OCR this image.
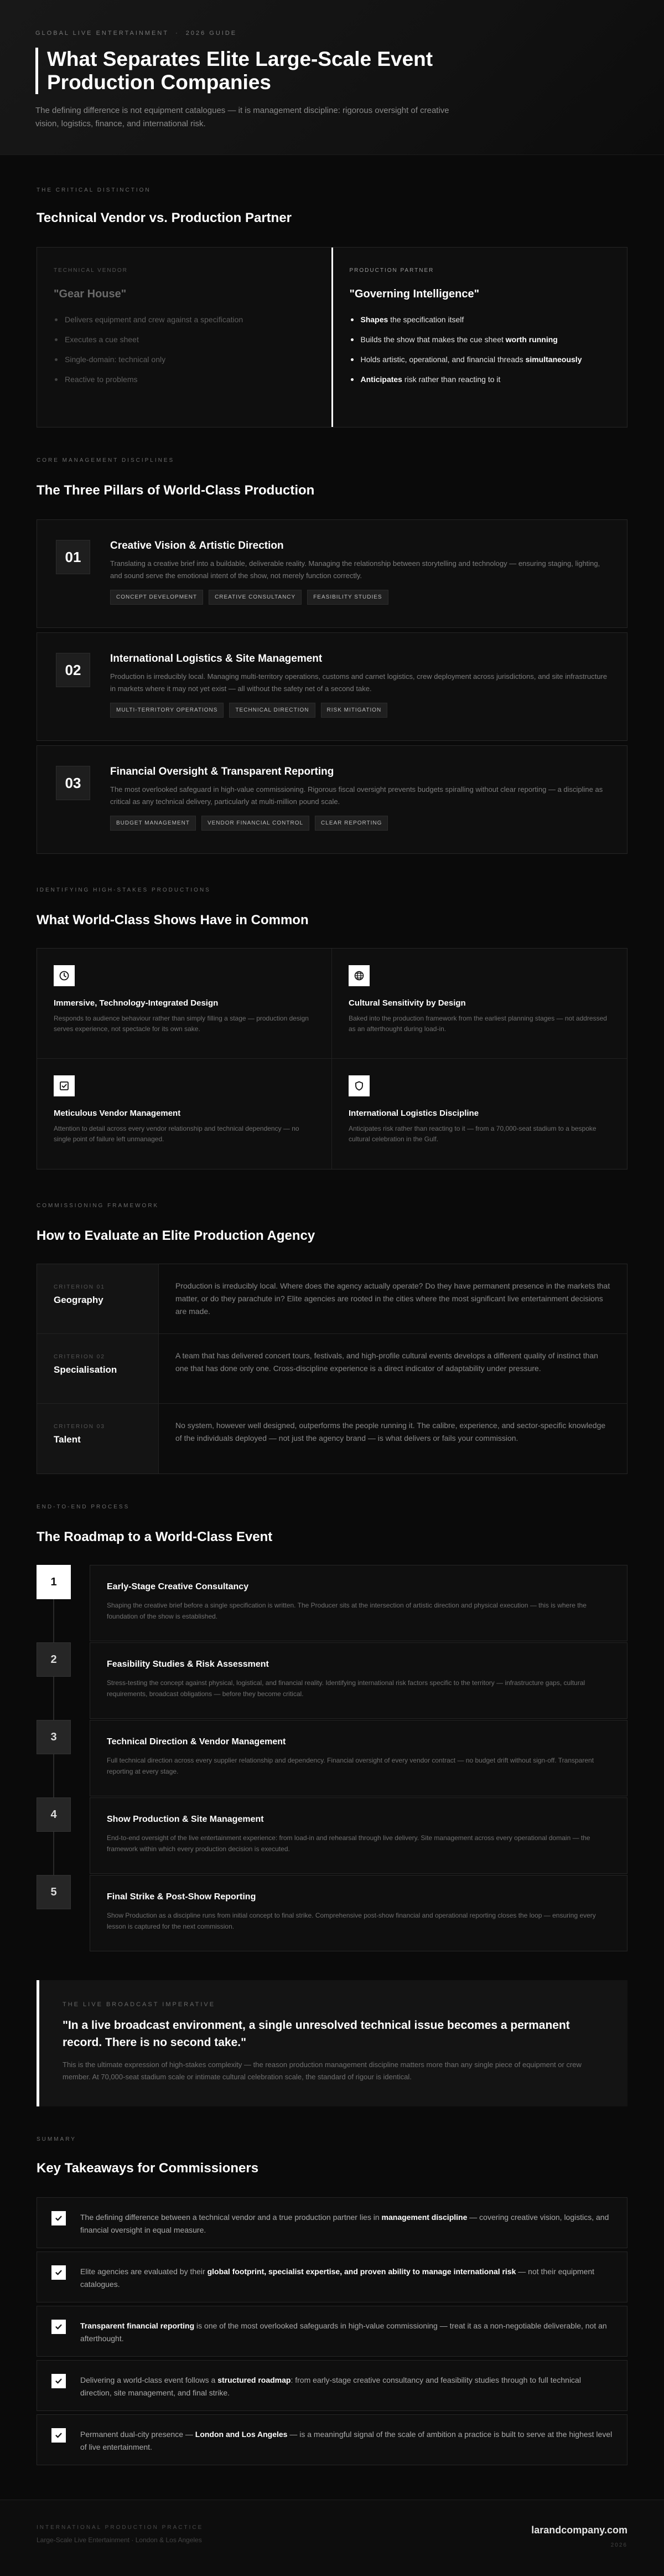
GLOBAL LIVE ENTERTAINMENT · 2026 GUIDE
What Separates Elite Large-Scale Event Production Companies

The defining difference is not equipment catalogues — it is management discipline: rigorous oversight of creative vision, logistics, finance, and international risk.

THE CRITICAL DISTINCTION
Technical Vendor vs. Production Partner
TECHNICAL VENDOR
"Gear House"
Delivers equipment and crew against a specification
Executes a cue sheet
Single-domain: technical only
Reactive to problems
PRODUCTION PARTNER
"Governing Intelligence"
Shapes the specification itself
Builds the show that makes the cue sheet worth running
Holds artistic, operational, and financial threads simultaneously
Anticipates risk rather than reacting to it
CORE MANAGEMENT DISCIPLINES
The Three Pillars of World-Class Production
01
Creative Vision & Artistic Direction
Translating a creative brief into a buildable, deliverable reality. Managing the relationship between storytelling and technology — ensuring staging, lighting, and sound serve the emotional intent of the show, not merely function correctly.
CONCEPT DEVELOPMENT	CREATIVE CONSULTANCY	FEASIBILITY STUDIES
02
International Logistics & Site Management
Production is irreducibly local. Managing multi-territory operations, customs and carnet logistics, crew deployment across jurisdictions, and site infrastructure in markets where it may not yet exist — all without the safety net of a second take.
MULTI-TERRITORY OPERATIONS	TECHNICAL DIRECTION	RISK MITIGATION
03
Financial Oversight & Transparent Reporting
The most overlooked safeguard in high-value commissioning. Rigorous fiscal oversight prevents budgets spiralling without clear reporting — a discipline as critical as any technical delivery, particularly at multi-million pound scale.
BUDGET MANAGEMENT	VENDOR FINANCIAL CONTROL	CLEAR REPORTING
IDENTIFYING HIGH-STAKES PRODUCTIONS
What World-Class Shows Have in Common
Immersive, Technology-Integrated Design
Responds to audience behaviour rather than simply filling a stage — production design serves experience, not spectacle for its own sake.
Cultural Sensitivity by Design
Baked into the production framework from the earliest planning stages — not addressed as an afterthought during load-in.
Meticulous Vendor Management
Attention to detail across every vendor relationship and technical dependency — no single point of failure left unmanaged.
International Logistics Discipline
Anticipates risk rather than reacting to it — from a 70,000-seat stadium to a bespoke cultural celebration in the Gulf.
COMMISSIONING FRAMEWORK
How to Evaluate an Elite Production Agency
CRITERION 01
Geography
Production is irreducibly local. Where does the agency actually operate? Do they have permanent presence in the markets that matter, or do they parachute in? Elite agencies are rooted in the cities where the most significant live entertainment decisions are made.
CRITERION 02
Specialisation
A team that has delivered concert tours, festivals, and high-profile cultural events develops a different quality of instinct than one that has done only one. Cross-discipline experience is a direct indicator of adaptability under pressure.
CRITERION 03
Talent
No system, however well designed, outperforms the people running it. The calibre, experience, and sector-specific knowledge of the individuals deployed — not just the agency brand — is what delivers or fails your commission.
END-TO-END PROCESS
The Roadmap to a World-Class Event
1	Early-Stage Creative Consultancy
Shaping the creative brief before a single specification is written. The Producer sits at the intersection of artistic direction and physical execution — this is where the foundation of the show is established.
2	Feasibility Studies & Risk Assessment
Stress-testing the concept against physical, logistical, and financial reality. Identifying international risk factors specific to the territory — infrastructure gaps, cultural requirements, broadcast obligations — before they become critical.
3	Technical Direction & Vendor Management
Full technical direction across every supplier relationship and dependency. Financial oversight of every vendor contract — no budget drift without sign-off. Transparent reporting at every stage.
4	Show Production & Site Management
End-to-end oversight of the live entertainment experience: from load-in and rehearsal through live delivery. Site management across every operational domain — the framework within which every production decision is executed.
5	Final Strike & Post-Show Reporting
Show Production as a discipline runs from initial concept to final strike. Comprehensive post-show financial and operational reporting closes the loop — ensuring every lesson is captured for the next commission.
THE LIVE BROADCAST IMPERATIVE
"In a live broadcast environment, a single unresolved technical issue becomes a permanent record. There is no second take."
This is the ultimate expression of high-stakes complexity — the reason production management discipline matters more than any single piece of equipment or crew member. At 70,000-seat stadium scale or intimate cultural celebration scale, the standard of rigour is identical.
SUMMARY
Key Takeaways for Commissioners
The defining difference between a technical vendor and a true production partner lies in management discipline — covering creative vision, logistics, and financial oversight in equal measure.
Elite agencies are evaluated by their global footprint, specialist expertise, and proven ability to manage international risk — not their equipment catalogues.
Transparent financial reporting is one of the most overlooked safeguards in high-value commissioning — treat it as a non-negotiable deliverable, not an afterthought.
Delivering a world-class event follows a structured roadmap: from early-stage creative consultancy and feasibility studies through to full technical direction, site management, and final strike.
Permanent dual-city presence — London and Los Angeles — is a meaningful signal of the scale of ambition a practice is built to serve at the highest level of live entertainment.
INTERNATIONAL PRODUCTION PRACTICE
Large-Scale Live Entertainment · London & Los Angeles
larandcompany.com
2026
